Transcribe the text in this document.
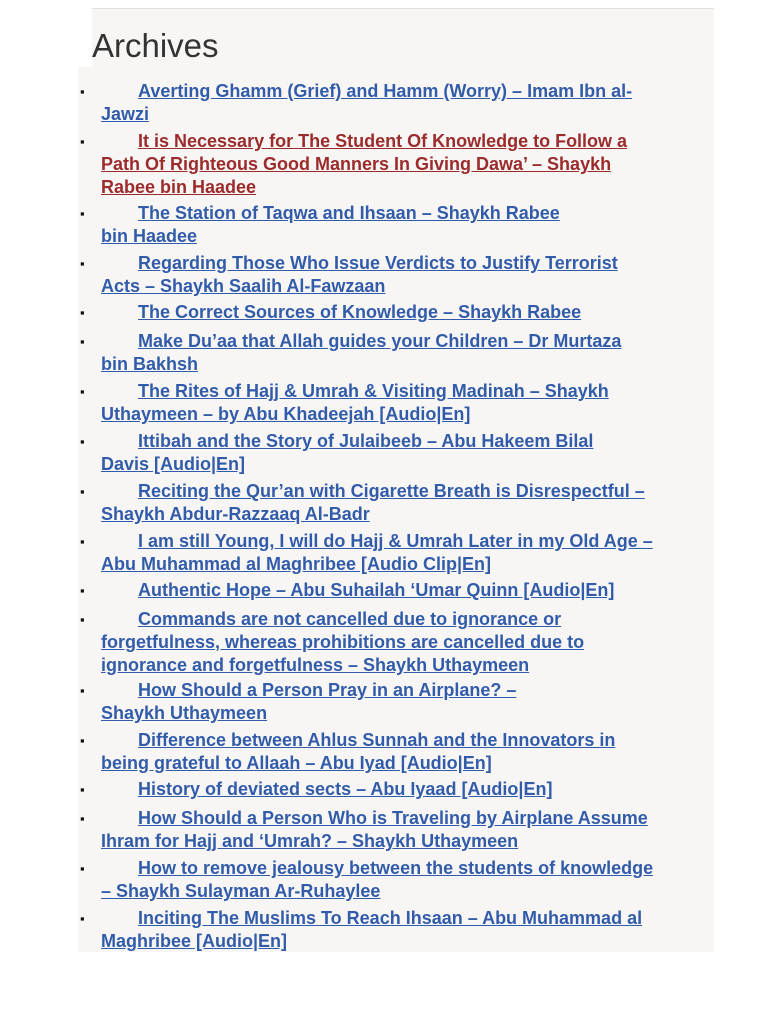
Archives
▪	Averting Ghamm (Grief) and Hamm (Worry) – Imam Ibn al-
Jawzi
▪	It is Necessary for The Student Of Knowledge to Follow a
Path Of Righteous Good Manners In Giving Dawa’ – Shaykh
Rabee bin Haadee
▪	The Station of Taqwa and Ihsaan – Shaykh Rabee
bin Haadee
▪	Regarding Those Who Issue Verdicts to Justify Terrorist
Acts – Shaykh Saalih Al-Fawzaan
▪	The Correct Sources of Knowledge – Shaykh Rabee
▪	Make Du’aa that Allah guides your Children – Dr Murtaza
bin Bakhsh
▪	The Rites of Hajj & Umrah & Visiting Madinah – Shaykh
Uthaymeen – by Abu Khadeejah [Audio|En]
▪	Ittibah and the Story of Julaibeeb – Abu Hakeem Bilal
Davis [Audio|En]
▪	Reciting the Qur’an with Cigarette Breath is Disrespectful –
Shaykh Abdur-Razzaaq Al-Badr
▪	I am still Young, I will do Hajj & Umrah Later in my Old Age –
Abu Muhammad al Maghribee [Audio Clip|En]
▪	Authentic Hope – Abu Suhailah ‘Umar Quinn [Audio|En]
▪	Commands are not cancelled due to ignorance or
forgetfulness, whereas prohibitions are cancelled due to
ignorance and forgetfulness – Shaykh Uthaymeen
▪	How Should a Person Pray in an Airplane? –
Shaykh Uthaymeen
▪	Difference between Ahlus Sunnah and the Innovators in
being grateful to Allaah – Abu Iyad [Audio|En]
▪	History of deviated sects – Abu Iyaad [Audio|En]
▪	How Should a Person Who is Traveling by Airplane Assume
Ihram for Hajj and ‘Umrah? – Shaykh Uthaymeen
▪	How to remove jealousy between the students of knowledge
– Shaykh Sulayman Ar-Ruhaylee
▪	Inciting The Muslims To Reach Ihsaan – Abu Muhammad al
Maghribee [Audio|En]
